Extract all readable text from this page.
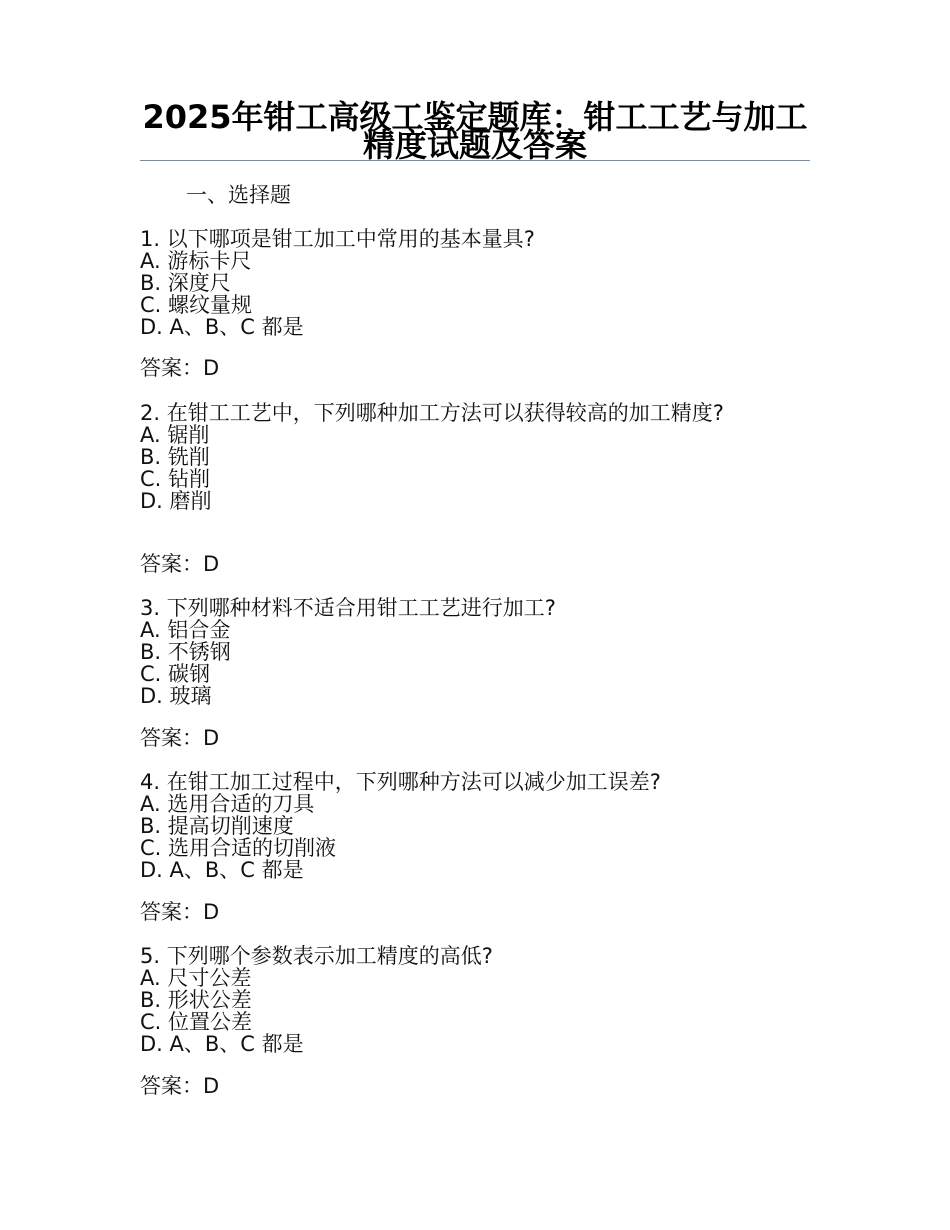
2025年钳工高级工鉴定题库：钳工工艺与加工精度试题及答案
一、选择题
1. 以下哪项是钳工加工中常用的基本量具?
A. 游标卡尺
B. 深度尺
C. 螺纹量规
D. A、B、C 都是
答案：D
2. 在钳工工艺中，下列哪种加工方法可以获得较高的加工精度?
A. 锯削
B. 铣削
C. 钻削
D. 磨削
答案：D
3. 下列哪种材料不适合用钳工工艺进行加工?
A. 铝合金
B. 不锈钢
C. 碳钢
D. 玻璃
答案：D
4. 在钳工加工过程中，下列哪种方法可以减少加工误差?
A. 选用合适的刀具
B. 提高切削速度
C. 选用合适的切削液
D. A、B、C 都是
答案：D
5. 下列哪个参数表示加工精度的高低?
A. 尺寸公差
B. 形状公差
C. 位置公差
D. A、B、C 都是
答案：D
